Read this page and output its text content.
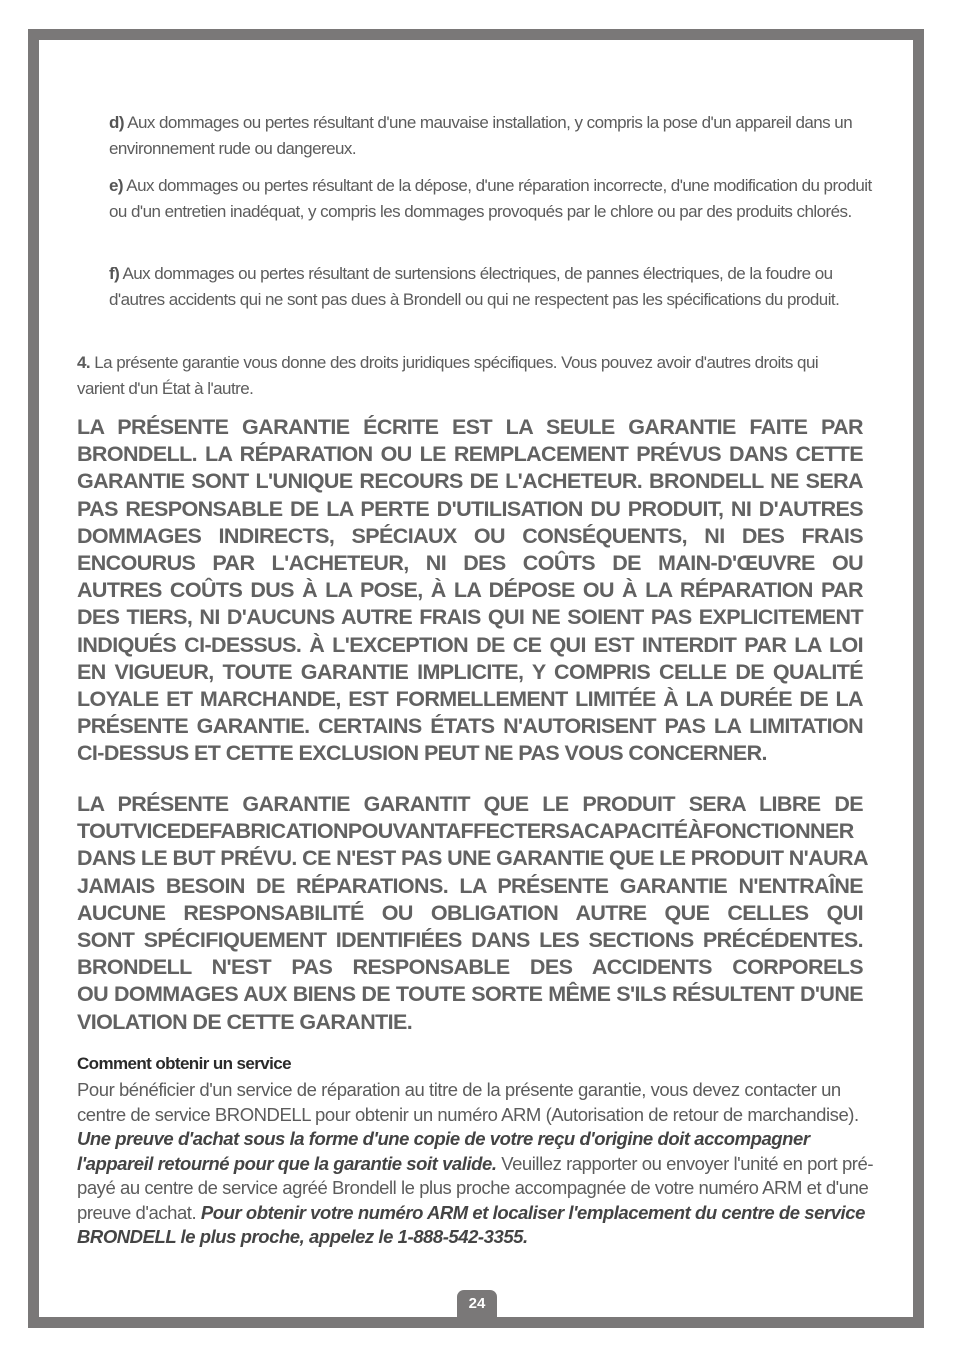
d) Aux dommages ou pertes résultant d'une mauvaise installation, y compris la pose d'un appareil dans un environnement rude ou dangereux.
e) Aux dommages ou pertes résultant de la dépose, d'une réparation incorrecte, d'une modification du produit ou d'un entretien inadéquat, y compris les dommages provoqués par le chlore ou par des produits chlorés.
f) Aux dommages ou pertes résultant de surtensions électriques, de pannes électriques, de la foudre ou d'autres accidents qui ne sont pas dues à Brondell ou qui ne respectent pas les spécifications du produit.
4. La présente garantie vous donne des droits juridiques spécifiques. Vous pouvez avoir d'autres droits qui varient d'un État à l'autre.
LA PRÉSENTE GARANTIE ÉCRITE EST LA SEULE GARANTIE FAITE PAR
BRONDELL. LA RÉPARATION OU LE REMPLACEMENT PRÉVUS DANS CETTE
GARANTIE SONT L'UNIQUE RECOURS DE L'ACHETEUR. BRONDELL NE SERA
PAS RESPONSABLE DE LA PERTE D'UTILISATION DU PRODUIT, NI D'AUTRES
DOMMAGES INDIRECTS, SPÉCIAUX OU CONSÉQUENTS, NI DES FRAIS
ENCOURUS PAR L'ACHETEUR, NI DES COÛTS DE MAIN-D'ŒUVRE OU
AUTRES COÛTS DUS À LA POSE, À LA DÉPOSE OU À LA RÉPARATION PAR
DES TIERS, NI D'AUCUNS AUTRE FRAIS QUI NE SOIENT PAS EXPLICITEMENT
INDIQUÉS CI-DESSUS. À L'EXCEPTION DE CE QUI EST INTERDIT PAR LA LOI
EN VIGUEUR, TOUTE GARANTIE IMPLICITE, Y COMPRIS CELLE DE QUALITÉ
LOYALE ET MARCHANDE, EST FORMELLEMENT LIMITÉE À LA DURÉE DE LA
PRÉSENTE GARANTIE. CERTAINS ÉTATS N'AUTORISENT PAS LA LIMITATION
CI-DESSUS ET CETTE EXCLUSION PEUT NE PAS VOUS CONCERNER.
LA PRÉSENTE GARANTIE GARANTIT QUE LE PRODUIT SERA LIBRE DE
TOUTVICEDEFABRICATIONPOUVANTAFFECTERSACAPACITÉÀFONCTIONNER
DANS LE BUT PRÉVU. CE N'EST PAS UNE GARANTIE QUE LE PRODUIT N'AURA
JAMAIS BESOIN DE RÉPARATIONS. LA PRÉSENTE GARANTIE N'ENTRAÎNE
AUCUNE RESPONSABILITÉ OU OBLIGATION AUTRE QUE CELLES QUI
SONT SPÉCIFIQUEMENT IDENTIFIÉES DANS LES SECTIONS PRÉCÉDENTES.
BRONDELL N'EST PAS RESPONSABLE DES ACCIDENTS CORPORELS
OU DOMMAGES AUX BIENS DE TOUTE SORTE MÊME S'ILS RÉSULTENT D'UNE
VIOLATION DE CETTE GARANTIE.
Comment obtenir un service
Pour bénéficier d'un service de réparation au titre de la présente garantie, vous devez contacter un centre de service BRONDELL pour obtenir un numéro ARM (Autorisation de retour de marchandise). Une preuve d'achat sous la forme d'une copie de votre reçu d'origine doit accompagner l'appareil retourné pour que la garantie soit valide. Veuillez rapporter ou envoyer l'unité en port pré-payé au centre de service agréé Brondell le plus proche accompagnée de votre numéro ARM et d'une preuve d'achat. Pour obtenir votre numéro ARM et localiser l'emplacement du centre de service BRONDELL le plus proche, appelez le 1-888-542-3355.
24
